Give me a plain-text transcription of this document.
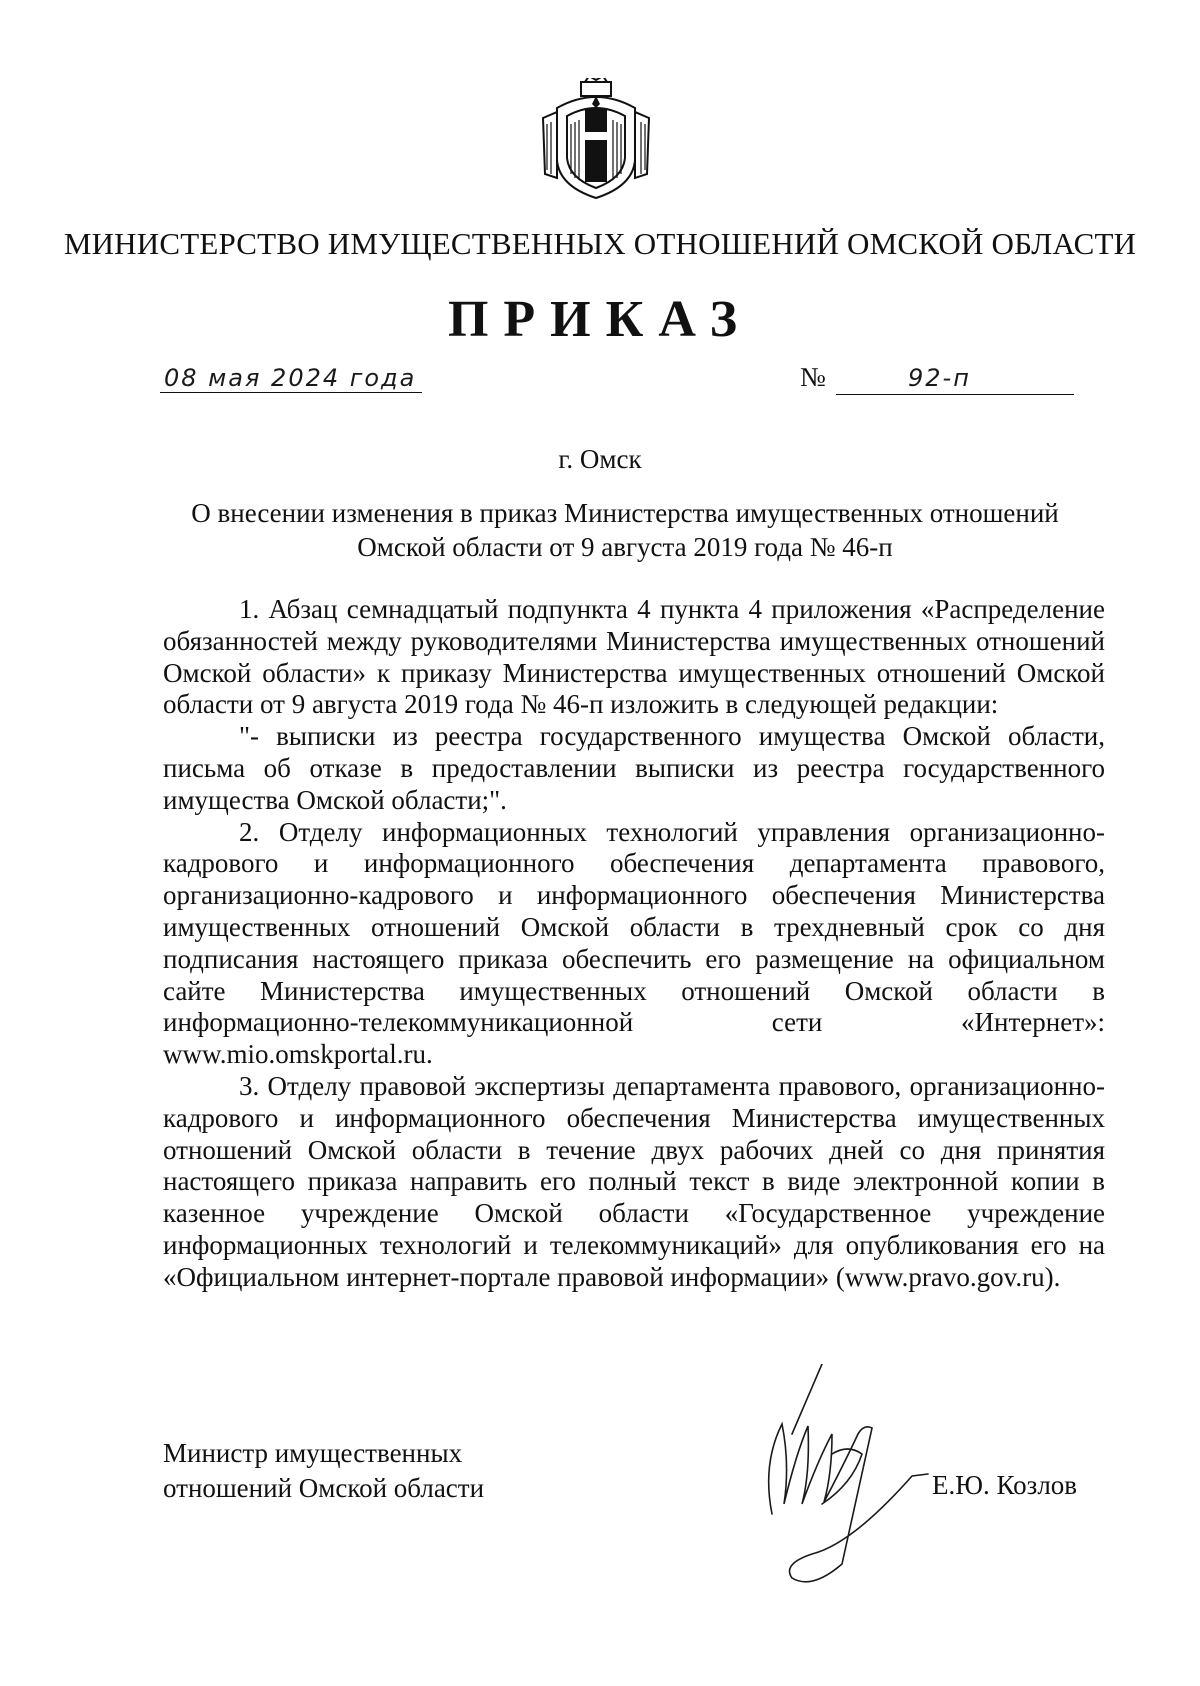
МИНИСТЕРСТВО ИМУЩЕСТВЕННЫХ ОТНОШЕНИЙ ОМСКОЙ ОБЛАСТИ
ПРИКАЗ
08 мая 2024 года	№	92-п
г. Омск
О внесении изменения в приказ Министерства имущественных отношений Омской области от 9 августа 2019 года № 46-п

1. Абзац семнадцатый подпункта 4 пункта 4 приложения «Распределение обязанностей между руководителями Министерства имущественных отношений Омской области» к приказу Министерства имущественных отношений Омской области от 9 августа 2019 года № 46-п изложить в следующей редакции:

"- выписки из реестра государственного имущества Омской области, письма об отказе в предоставлении выписки из реестра государственного имущества Омской области;".

2. Отделу информационных технологий управления организационно-кадрового и информационного обеспечения департамента правового, организационно-кадрового и информационного обеспечения Министерства имущественных отношений Омской области в трехдневный срок со дня подписания настоящего приказа обеспечить его размещение на официальном сайте Министерства имущественных отношений Омской области в информационно-телекоммуникационной сети «Интернет»: www.mio.omskportal.ru.

3. Отделу правовой экспертизы департамента правового, организационно-кадрового и информационного обеспечения Министерства имущественных отношений Омской области в течение двух рабочих дней со дня принятия настоящего приказа направить его полный текст в виде электронной копии в казенное учреждение Омской области «Государственное учреждение информационных технологий и телекоммуникаций» для опубликования его на «Официальном интернет-портале правовой информации» (www.pravo.gov.ru).

Министр имущественных
отношений Омской области	Е.Ю. Козлов
